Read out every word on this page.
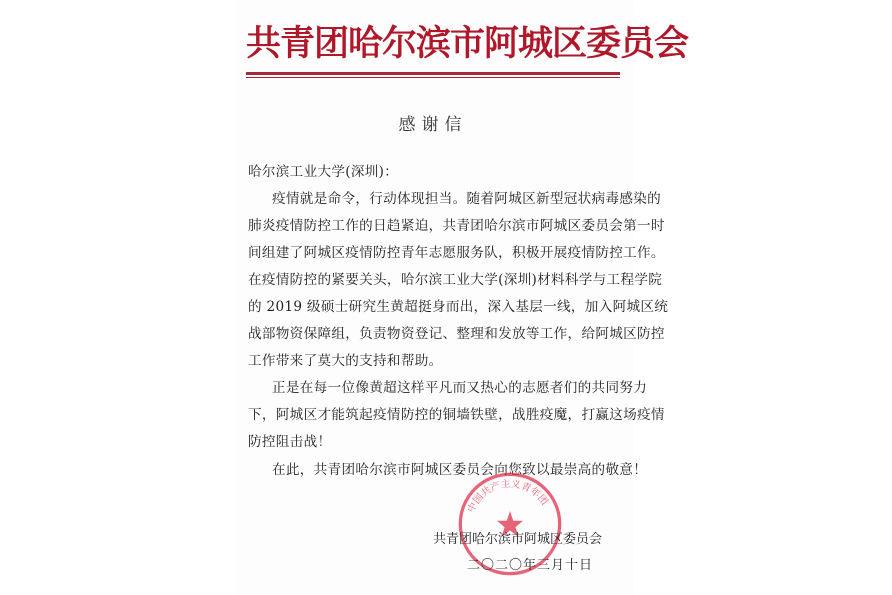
共青团哈尔滨市阿城区委员会
感谢信
哈尔滨工业大学(深圳)：
疫情就是命令，行动体现担当。随着阿城区新型冠状病毒感染的
肺炎疫情防控工作的日趋紧迫，共青团哈尔滨市阿城区委员会第一时
间组建了阿城区疫情防控青年志愿服务队，积极开展疫情防控工作。
在疫情防控的紧要关头，哈尔滨工业大学(深圳)材料科学与工程学院
的 2019 级硕士研究生黄超挺身而出，深入基层一线，加入阿城区统
战部物资保障组，负责物资登记、整理和发放等工作，给阿城区防控
工作带来了莫大的支持和帮助。
正是在每一位像黄超这样平凡而又热心的志愿者们的共同努力
下，阿城区才能筑起疫情防控的铜墙铁壁，战胜疫魔，打赢这场疫情
防控阻击战！
在此，共青团哈尔滨市阿城区委员会向您致以最崇高的敬意！
中国共产主义青年团
共青团哈尔滨市阿城区委员会
二〇二〇年三月十日
